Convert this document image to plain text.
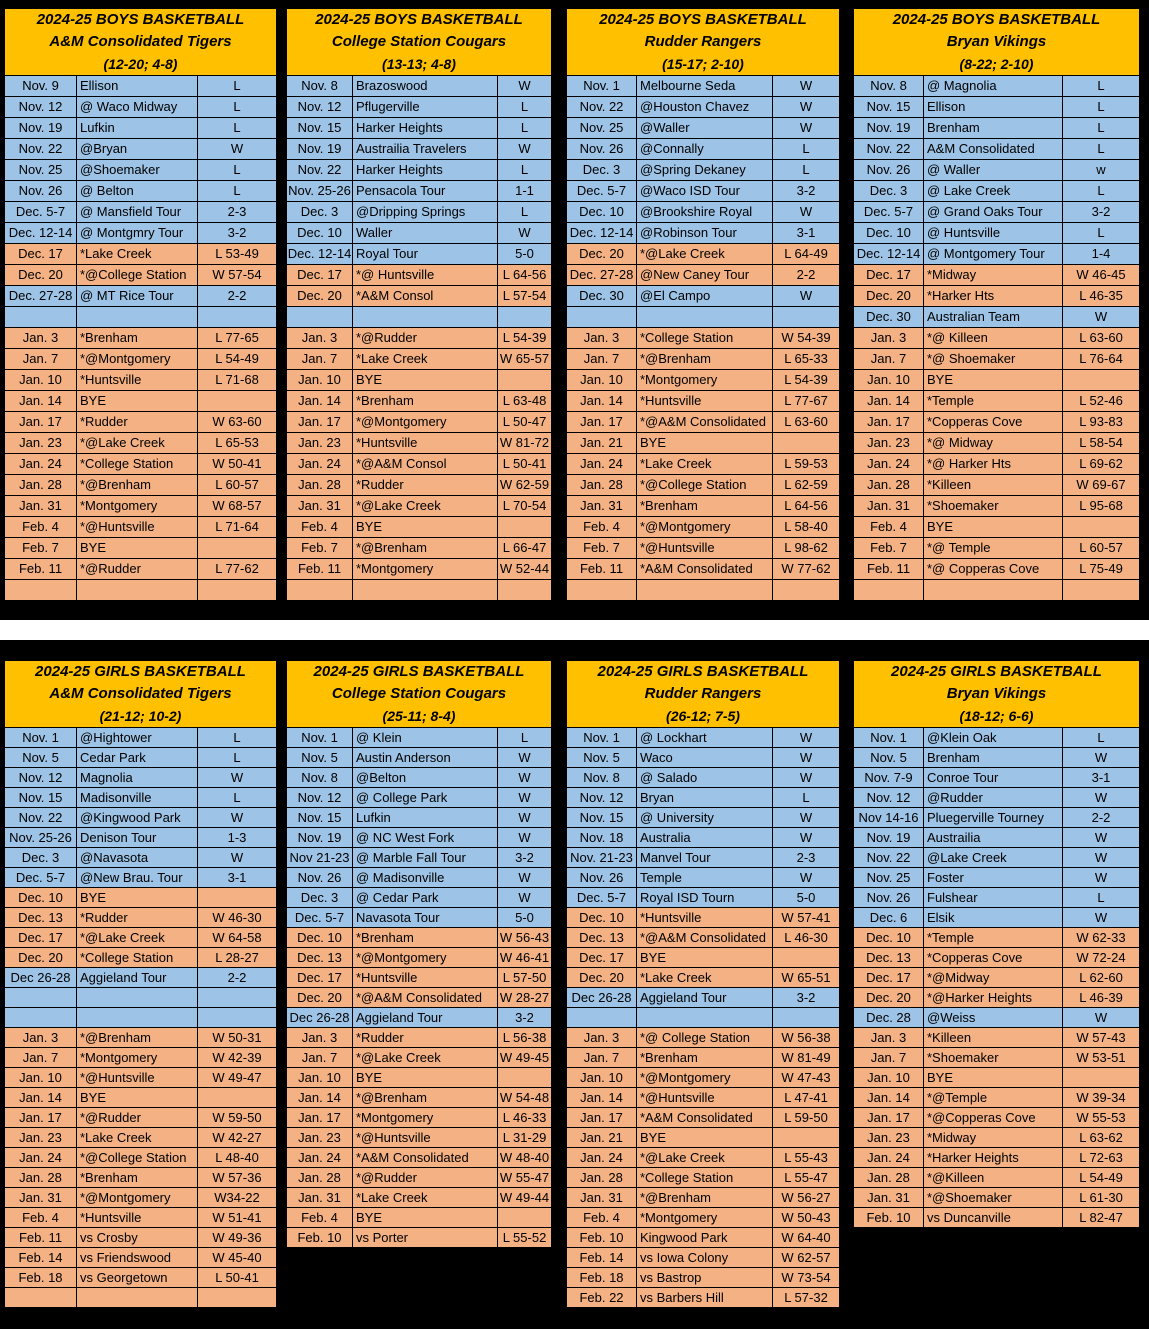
2024-25 BOYS BASKETBALL
A&M Consolidated Tigers
(12-20; 4-8)
Nov. 9	Ellison	L
Nov. 12	@ Waco Midway	L
Nov. 19	Lufkin	L
Nov. 22	@Bryan	W
Nov. 25	@Shoemaker	L
Nov. 26	@ Belton	L
Dec. 5-7	@ Mansfield Tour	2-3
Dec. 12-14 @ Montgmry Tour	3-2
Dec. 17	*Lake Creek	L 53-49
Dec. 20	*@College Station	W 57-54
Dec. 27-28 @ MT Rice Tour	2-2
Jan. 3	*Brenham	L 77-65
Jan. 7	*@Montgomery	L 54-49
Jan. 10	*Huntsville	L 71-68
Jan. 14	BYE
Jan. 17	*Rudder	W 63-60
Jan. 23	*@Lake Creek	L 65-53
Jan. 24	*College Station	W 50-41
Jan. 28	*@Brenham	L 60-57
Jan. 31	*Montgomery	W 68-57
Feb. 4	*@Huntsville	L 71-64
Feb. 7	BYE
Feb. 11	*@Rudder	L 77-62
2024-25 BOYS BASKETBALL
College Station Cougars
(13-13; 4-8)
Nov. 8	Brazoswood	W
Nov. 12	Pflugerville	L
Nov. 15	Harker Heights	L
Nov. 19	Austrailia Travelers	W
Nov. 22	Harker Heights	L
Nov. 25-26 Pensacola Tour	1-1
Dec. 3	@Dripping Springs	L
Dec. 10	Waller	W
Dec. 12-14 Royal Tour	5-0
Dec. 17	*@ Huntsville	L 64-56
Dec. 20	*A&M Consol	L 57-54
Jan. 3	*@Rudder	L 54-39
Jan. 7	*Lake Creek	W 65-57
Jan. 10	BYE
Jan. 14	*Brenham	L 63-48
Jan. 17	*@Montgomery	L 50-47
Jan. 23	*Huntsville	W 81-72
Jan. 24	*@A&M Consol	L 50-41
Jan. 28	*Rudder	W 62-59
Jan. 31	*@Lake Creek	L 70-54
Feb. 4	BYE
Feb. 7	*@Brenham	L 66-47
Feb. 11	*Montgomery	W 52-44
2024-25 BOYS BASKETBALL
Rudder Rangers
(15-17; 2-10)
Nov. 1	Melbourne Seda	W
Nov. 22	@Houston Chavez	W
Nov. 25	@Waller	W
Nov. 26	@Connally	L
Dec. 3	@Spring Dekaney	L
Dec. 5-7	@Waco ISD Tour	3-2
Dec. 10	@Brookshire Royal	W
Dec. 12-14 @Robinson Tour	3-1
Dec. 20	*@Lake Creek	L 64-49
Dec. 27-28 @New Caney Tour	2-2
Dec. 30	@El Campo	W
Jan. 3	*College Station	W 54-39
Jan. 7	*@Brenham	L 65-33
Jan. 10	*Montgomery	L 54-39
Jan. 14	*Huntsville	L 77-67
Jan. 17	*@A&M Consolidated	L 63-60
Jan. 21	BYE
Jan. 24	*Lake Creek	L 59-53
Jan. 28	*@College Station	L 62-59
Jan. 31	*Brenham	L 64-56
Feb. 4	*@Montgomery	L 58-40
Feb. 7	*@Huntsville	L 98-62
Feb. 11	*A&M Consolidated	W 77-62
2024-25 BOYS BASKETBALL
Bryan Vikings
(8-22; 2-10)
Nov. 8	@ Magnolia	L
Nov. 15	Ellison	L
Nov. 19	Brenham	L
Nov. 22	A&M Consolidated	L
Nov. 26	@ Waller	w
Dec. 3	@ Lake Creek	L
Dec. 5-7	@ Grand Oaks Tour	3-2
Dec. 10	@ Huntsville	L
Dec. 12-14 @ Montgomery Tour	1-4
Dec. 17	*Midway	W 46-45
Dec. 20	*Harker Hts	L 46-35
Dec. 30	Australian Team	W
Jan. 3	*@ Killeen	L 63-60
Jan. 7	*@ Shoemaker	L 76-64
Jan. 10	BYE
Jan. 14	*Temple	L 52-46
Jan. 17	*Copperas Cove	L 93-83
Jan. 23	*@ Midway	L 58-54
Jan. 24	*@ Harker Hts	L 69-62
Jan. 28	*Killeen	W 69-67
Jan. 31	*Shoemaker	L 95-68
Feb. 4	BYE
Feb. 7	*@ Temple	L 60-57
Feb. 11	*@ Copperas Cove	L 75-49
2024-25 GIRLS BASKETBALL
A&M Consolidated Tigers
(21-12; 10-2)
Nov. 1	@Hightower	L
Nov. 5	Cedar Park	L
Nov. 12	Magnolia	W
Nov. 15	Madisonville	L
Nov. 22	@Kingwood Park	W
Nov. 25-26 Denison Tour	1-3
Dec. 3	@Navasota	W
Dec. 5-7	@New Brau. Tour	3-1
Dec. 10	BYE
Dec. 13	*Rudder	W 46-30
Dec. 17	*@Lake Creek	W 64-58
Dec. 20	*College Station	L 28-27
Dec 26-28 Aggieland Tour	2-2
Jan. 3	*@Brenham	W 50-31
Jan. 7	*Montgomery	W 42-39
Jan. 10	*@Huntsville	W 49-47
Jan. 14	BYE
Jan. 17	*@Rudder	W 59-50
Jan. 23	*Lake Creek	W 42-27
Jan. 24	*@College Station	L 48-40
Jan. 28	*Brenham	W 57-36
Jan. 31	*@Montgomery	W34-22
Feb. 4	*Huntsville	W 51-41
Feb. 11	vs Crosby	W 49-36
Feb. 14	vs Friendswood	W 45-40
Feb. 18	vs Georgetown	L 50-41
2024-25 GIRLS BASKETBALL
College Station Cougars
(25-11; 8-4)
Nov. 1	@ Klein	L
Nov. 5	Austin Anderson	W
Nov. 8	@Belton	W
Nov. 12	@ College Park	W
Nov. 15	Lufkin	W
Nov. 19	@ NC West Fork	W
Nov 21-23 @ Marble Fall Tour	3-2
Nov. 26	@ Madisonville	W
Dec. 3	@ Cedar Park	W
Dec. 5-7 Navasota Tour	5-0
Dec. 10	*Brenham	W 56-43
Dec. 13	*@Montgomery	W 46-41
Dec. 17	*Huntsville	L 57-50
Dec. 20	*@A&M Consolidated	W 28-27
Dec 26-28 Aggieland Tour	3-2
Jan. 3	*Rudder	L 56-38
Jan. 7	*@Lake Creek	W 49-45
Jan. 10	BYE
Jan. 14	*@Brenham	W 54-48
Jan. 17	*Montgomery	L 46-33
Jan. 23	*@Huntsville	L 31-29
Jan. 24	*A&M Consolidated	W 48-40
Jan. 28	*@Rudder	W 55-47
Jan. 31	*Lake Creek	W 49-44
Feb. 4	BYE
Feb. 10	vs Porter	L 55-52
2024-25 GIRLS BASKETBALL
Rudder Rangers
(26-12; 7-5)
Nov. 1	@ Lockhart	W
Nov. 5	Waco	W
Nov. 8	@ Salado	W
Nov. 12	Bryan	L
Nov. 15	@ University	W
Nov. 18	Australia	W
Nov. 21-23 Manvel Tour	2-3
Nov. 26	Temple	W
Dec. 5-7	Royal ISD Tourn	5-0
Dec. 10	*Huntsville	W 57-41
Dec. 13	*@A&M Consolidated	L 46-30
Dec. 17	BYE
Dec. 20	*Lake Creek	W 65-51
Dec 26-28 Aggieland Tour	3-2
Jan. 3	*@ College Station	W 56-38
Jan. 7	*Brenham	W 81-49
Jan. 10	*@Montgomery	W 47-43
Jan. 14	*@Huntsville	L 47-41
Jan. 17	*A&M Consolidated	L 59-50
Jan. 21	BYE
Jan. 24	*@Lake Creek	L 55-43
Jan. 28	*College Station	L 55-47
Jan. 31	*@Brenham	W 56-27
Feb. 4	*Montgomery	W 50-43
Feb. 10	Kingwood Park	W 64-40
Feb. 14	vs Iowa Colony	W 62-57
Feb. 18	vs Bastrop	W 73-54
Feb. 22	vs Barbers Hill	L 57-32
2024-25 GIRLS BASKETBALL
Bryan Vikings
(18-12; 6-6)
Nov. 1	@Klein Oak	L
Nov. 5	Brenham	W
Nov. 7-9	Conroe Tour	3-1
Nov. 12	@Rudder	W
Nov 14-16 Pluegerville Tourney	2-2
Nov. 19	Austrailia	W
Nov. 22	@Lake Creek	W
Nov. 25	Foster	W
Nov. 26	Fulshear	L
Dec. 6	Elsik	W
Dec. 10	*Temple	W 62-33
Dec. 13	*Copperas Cove	W 72-24
Dec. 17	*@Midway	L 62-60
Dec. 20	*@Harker Heights	L 46-39
Dec. 28	@Weiss	W
Jan. 3	*Killeen	W 57-43
Jan. 7	*Shoemaker	W 53-51
Jan. 10	BYE
Jan. 14	*@Temple	W 39-34
Jan. 17	*@Copperas Cove	W 55-53
Jan. 23	*Midway	L 63-62
Jan. 24	*Harker Heights	L 72-63
Jan. 28	*@Killeen	L 54-49
Jan. 31	*@Shoemaker	L 61-30
Feb. 10	vs Duncanville	L 82-47
